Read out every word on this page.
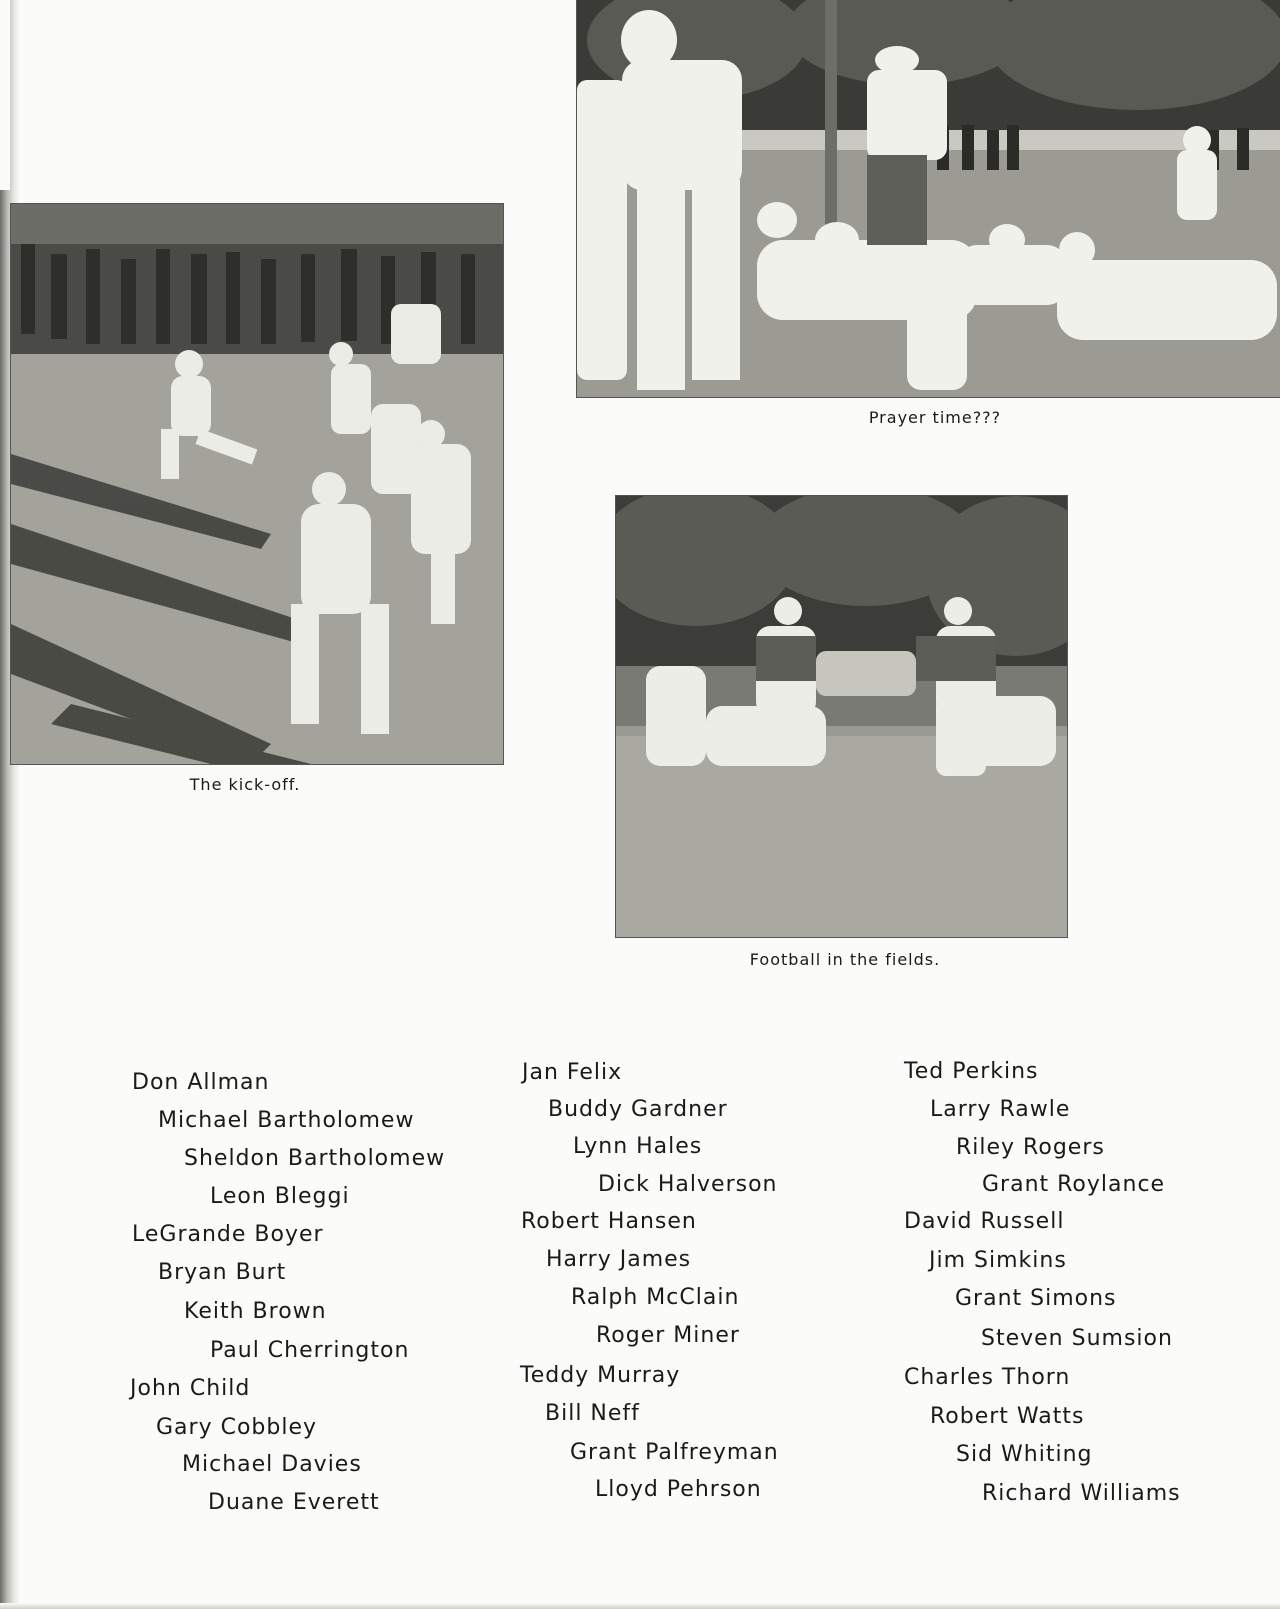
The kick-off.
Prayer time???
Football in the fields.
Don Allman
Michael Bartholomew
Sheldon Bartholomew
Leon Bleggi
LeGrande Boyer
Bryan Burt
Keith Brown
Paul Cherrington
John Child
Gary Cobbley
Michael Davies
Duane Everett
Jan Felix
Buddy Gardner
Lynn Hales
Dick Halverson
Robert Hansen
Harry James
Ralph McClain
Roger Miner
Teddy Murray
Bill Neff
Grant Palfreyman
Lloyd Pehrson
Ted Perkins
Larry Rawle
Riley Rogers
Grant Roylance
David Russell
Jim Simkins
Grant Simons
Steven Sumsion
Charles Thorn
Robert Watts
Sid Whiting
Richard Williams
